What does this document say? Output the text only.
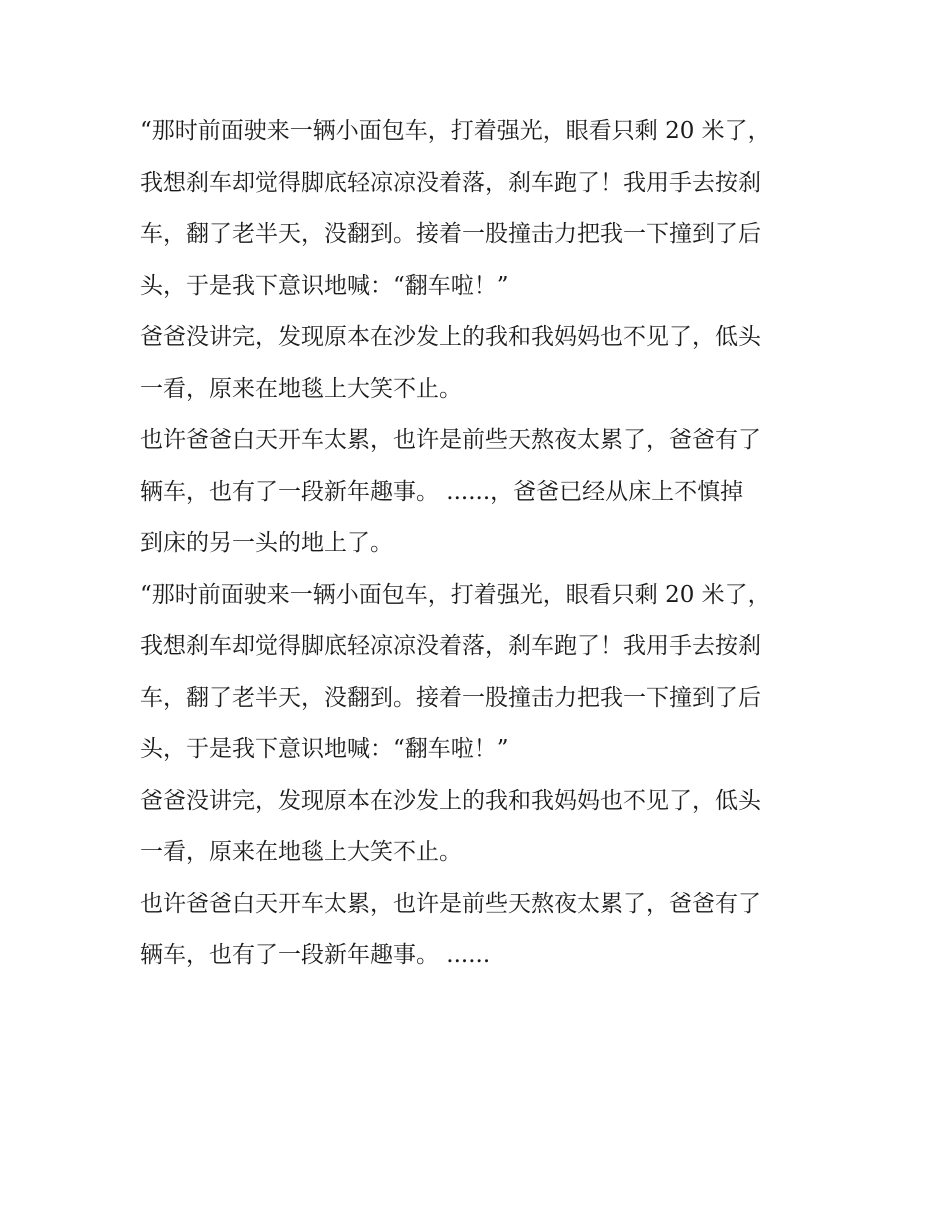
“那时前面驶来一辆小面包车，打着强光，眼看只剩 20 米了，
我想刹车却觉得脚底轻凉凉没着落，刹车跑了！我用手去按刹
车，翻了老半天，没翻到。接着一股撞击力把我一下撞到了后
头，于是我下意识地喊：“翻车啦！”
爸爸没讲完，发现原本在沙发上的我和我妈妈也不见了，低头
一看，原来在地毯上大笑不止。
也许爸爸白天开车太累，也许是前些天熬夜太累了，爸爸有了
辆车，也有了一段新年趣事。 ......，爸爸已经从床上不慎掉
到床的另一头的地上了。
“那时前面驶来一辆小面包车，打着强光，眼看只剩 20 米了，
我想刹车却觉得脚底轻凉凉没着落，刹车跑了！我用手去按刹
车，翻了老半天，没翻到。接着一股撞击力把我一下撞到了后
头，于是我下意识地喊：“翻车啦！”
爸爸没讲完，发现原本在沙发上的我和我妈妈也不见了，低头
一看，原来在地毯上大笑不止。
也许爸爸白天开车太累，也许是前些天熬夜太累了，爸爸有了
辆车，也有了一段新年趣事。 ......
